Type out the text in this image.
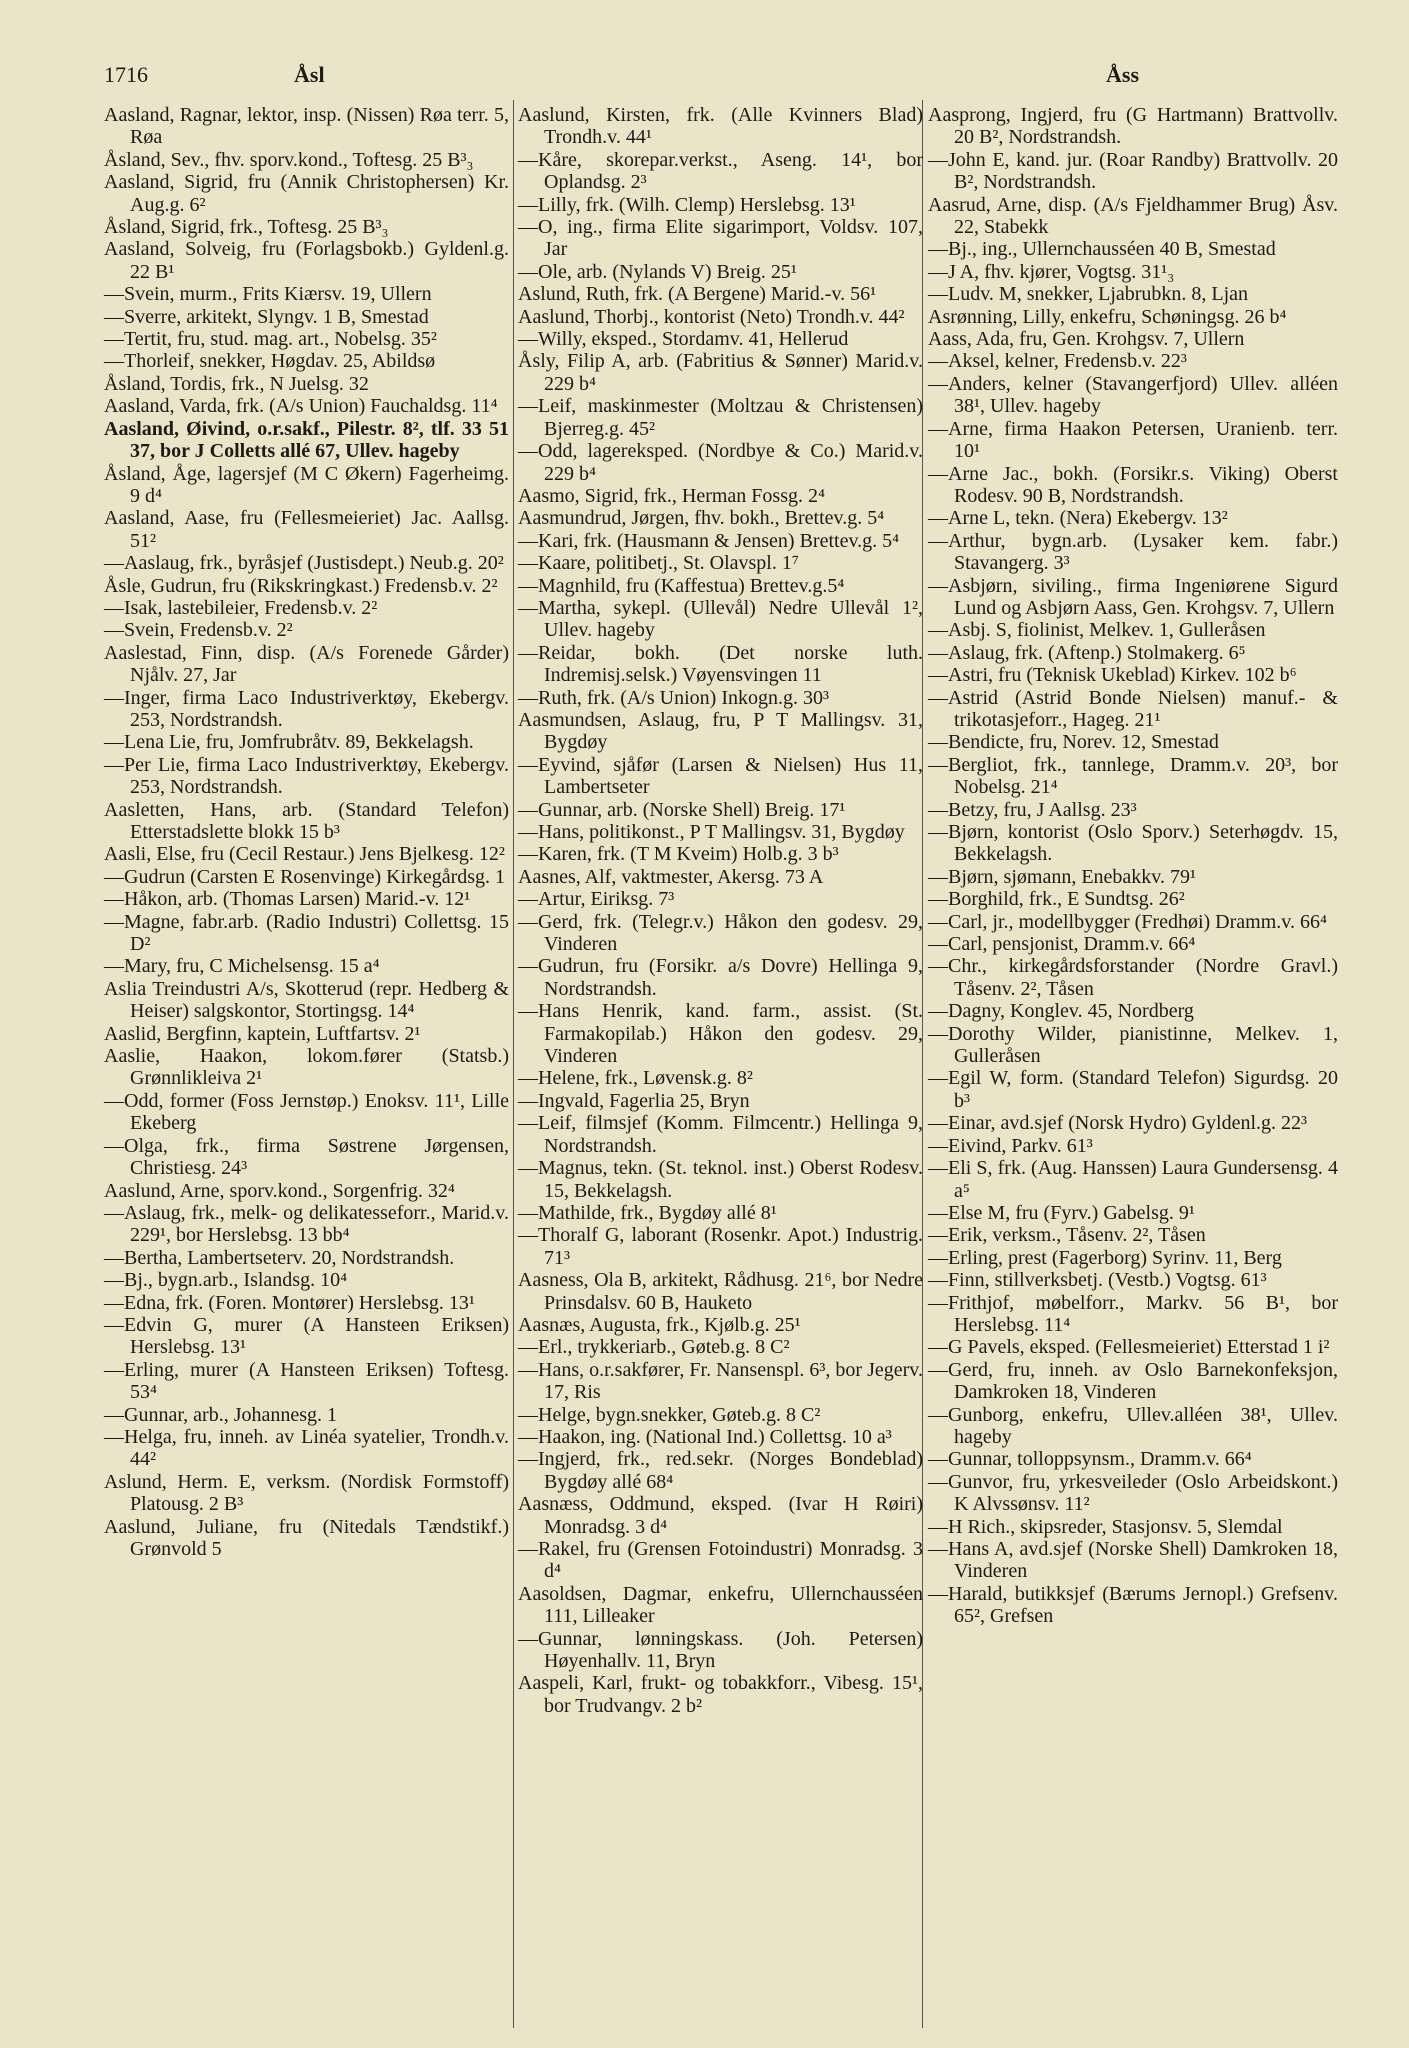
1716	Åsl	Åss

Aasland, Ragnar, lektor, insp. (Nissen) Røa terr. 5, Røa

Åsland, Sev., fhv. sporv.kond., Toftesg. 25 B³₃

Aasland, Sigrid, fru (Annik Christophersen) Kr. Aug.g. 6²

Åsland, Sigrid, frk., Toftesg. 25 B³₃

Aasland, Solveig, fru (Forlagsbokb.) Gyldenl.g. 22 B¹

—Svein, murm., Frits Kiærsv. 19, Ullern

—Sverre, arkitekt, Slyngv. 1 B, Smestad

—Tertit, fru, stud. mag. art., Nobelsg. 35²

—Thorleif, snekker, Høgdav. 25, Abildsø

Åsland, Tordis, frk., N Juelsg. 32

Aasland, Varda, frk. (A/s Union) Fauchaldsg. 11⁴

Aasland, Øivind, o.r.sakf., Pilestr. 8², tlf. 33 51 37, bor J Colletts allé 67, Ullev. hageby

Åsland, Åge, lagersjef (M C Økern) Fagerheimg. 9 d⁴

Aasland, Aase, fru (Fellesmeieriet) Jac. Aallsg. 51²

—Aaslaug, frk., byråsjef (Justisdept.) Neub.g. 20²

Åsle, Gudrun, fru (Rikskringkast.) Fredensb.v. 2²

—Isak, lastebileier, Fredensb.v. 2²

—Svein, Fredensb.v. 2²

Aaslestad, Finn, disp. (A/s Forenede Gårder) Njålv. 27, Jar

—Inger, firma Laco Industriverktøy, Ekebergv. 253, Nordstrandsh.

—Lena Lie, fru, Jomfrubråtv. 89, Bekkelagsh.

—Per Lie, firma Laco Industriverktøy, Ekebergv. 253, Nordstrandsh.

Aasletten, Hans, arb. (Standard Telefon) Etterstadslette blokk 15 b³

Aasli, Else, fru (Cecil Restaur.) Jens Bjelkesg. 12²

—Gudrun (Carsten E Rosenvinge) Kirkegårdsg. 1

—Håkon, arb. (Thomas Larsen) Marid.-v. 12¹

—Magne, fabr.arb. (Radio Industri) Collettsg. 15 D²

—Mary, fru, C Michelsensg. 15 a⁴

Aslia Treindustri A/s, Skotterud (repr. Hedberg & Heiser) salgskontor, Stortingsg. 14⁴

Aaslid, Bergfinn, kaptein, Luftfartsv. 2¹

Aaslie, Haakon, lokom.fører (Statsb.) Grønnlikleiva 2¹

—Odd, former (Foss Jernstøp.) Enoksv. 11¹, Lille Ekeberg

—Olga, frk., firma Søstrene Jørgensen, Christiesg. 24³

Aaslund, Arne, sporv.kond., Sorgenfrig. 32⁴

—Aslaug, frk., melk- og delikatesseforr., Marid.v. 229¹, bor Herslebsg. 13 bb⁴

—Bertha, Lambertseterv. 20, Nordstrandsh.

—Bj., bygn.arb., Islandsg. 10⁴

—Edna, frk. (Foren. Montører) Herslebsg. 13¹

—Edvin G, murer (A Hansteen Eriksen) Herslebsg. 13¹

—Erling, murer (A Hansteen Eriksen) Toftesg. 53⁴

—Gunnar, arb., Johannesg. 1

—Helga, fru, inneh. av Linéa syatelier, Trondh.v. 44²

Aslund, Herm. E, verksm. (Nordisk Formstoff) Platousg. 2 B³

Aaslund, Juliane, fru (Nitedals Tændstikf.) Grønvold 5

Aaslund, Kirsten, frk. (Alle Kvinners Blad) Trondh.v. 44¹

—Kåre, skorepar.verkst., Aseng. 14¹, bor Oplandsg. 2³

—Lilly, frk. (Wilh. Clemp) Herslebsg. 13¹

—O, ing., firma Elite sigarimport, Voldsv. 107, Jar

—Ole, arb. (Nylands V) Breig. 25¹

Aslund, Ruth, frk. (A Bergene) Marid.-v. 56¹

Aaslund, Thorbj., kontorist (Neto) Trondh.v. 44²

—Willy, eksped., Stordamv. 41, Hellerud

Åsly, Filip A, arb. (Fabritius & Sønner) Marid.v. 229 b⁴

—Leif, maskinmester (Moltzau & Christensen) Bjerreg.g. 45²

—Odd, lagereksped. (Nordbye & Co.) Marid.v. 229 b⁴

Aasmo, Sigrid, frk., Herman Fossg. 2⁴

Aasmundrud, Jørgen, fhv. bokh., Brettev.g. 5⁴

—Kari, frk. (Hausmann & Jensen) Brettev.g. 5⁴

—Kaare, politibetj., St. Olavspl. 1⁷

—Magnhild, fru (Kaffestua) Brettev.g.5⁴

—Martha, sykepl. (Ullevål) Nedre Ullevål 1², Ullev. hageby

—Reidar, bokh. (Det norske luth. Indremisj.selsk.) Vøyensvingen 11

—Ruth, frk. (A/s Union) Inkogn.g. 30³

Aasmundsen, Aslaug, fru, P T Mallingsv. 31, Bygdøy

—Eyvind, sjåfør (Larsen & Nielsen) Hus 11, Lambertseter

—Gunnar, arb. (Norske Shell) Breig. 17¹

—Hans, politikonst., P T Mallingsv. 31, Bygdøy

—Karen, frk. (T M Kveim) Holb.g. 3 b³

Aasnes, Alf, vaktmester, Akersg. 73 A

—Artur, Eiriksg. 7³

—Gerd, frk. (Telegr.v.) Håkon den godesv. 29, Vinderen

—Gudrun, fru (Forsikr. a/s Dovre) Hellinga 9, Nordstrandsh.

—Hans Henrik, kand. farm., assist. (St. Farmakopilab.) Håkon den godesv. 29, Vinderen

—Helene, frk., Løvensk.g. 8²

—Ingvald, Fagerlia 25, Bryn

—Leif, filmsjef (Komm. Filmcentr.) Hellinga 9, Nordstrandsh.

—Magnus, tekn. (St. teknol. inst.) Oberst Rodesv. 15, Bekkelagsh.

—Mathilde, frk., Bygdøy allé 8¹

—Thoralf G, laborant (Rosenkr. Apot.) Industrig. 71³

Aasness, Ola B, arkitekt, Rådhusg. 21⁶, bor Nedre Prinsdalsv. 60 B, Hauketo

Aasnæs, Augusta, frk., Kjølb.g. 25¹

—Erl., trykkeriarb., Gøteb.g. 8 C²

—Hans, o.r.sakfører, Fr. Nansenspl. 6³, bor Jegerv. 17, Ris

—Helge, bygn.snekker, Gøteb.g. 8 C²

—Haakon, ing. (National Ind.) Collettsg. 10 a³

—Ingjerd, frk., red.sekr. (Norges Bondeblad) Bygdøy allé 68⁴

Aasnæss, Oddmund, eksped. (Ivar H Røiri) Monradsg. 3 d⁴

—Rakel, fru (Grensen Fotoindustri) Monradsg. 3 d⁴

Aasoldsen, Dagmar, enkefru, Ullernchausséen 111, Lilleaker

—Gunnar, lønningskass. (Joh. Petersen) Høyenhallv. 11, Bryn

Aaspeli, Karl, frukt- og tobakkforr., Vibesg. 15¹, bor Trudvangv. 2 b²

Aasprong, Ingjerd, fru (G Hartmann) Brattvollv. 20 B², Nordstrandsh.

—John E, kand. jur. (Roar Randby) Brattvollv. 20 B², Nordstrandsh.

Aasrud, Arne, disp. (A/s Fjeldhammer Brug) Åsv. 22, Stabekk

—Bj., ing., Ullernchausséen 40 B, Smestad

—J A, fhv. kjører, Vogtsg. 31¹₃

—Ludv. M, snekker, Ljabrubkn. 8, Ljan

Asrønning, Lilly, enkefru, Schøningsg. 26 b⁴

Aass, Ada, fru, Gen. Krohgsv. 7, Ullern

—Aksel, kelner, Fredensb.v. 22³

—Anders, kelner (Stavangerfjord) Ullev. alléen 38¹, Ullev. hageby

—Arne, firma Haakon Petersen, Uranienb. terr. 10¹

—Arne Jac., bokh. (Forsikr.s. Viking) Oberst Rodesv. 90 B, Nordstrandsh.

—Arne L, tekn. (Nera) Ekebergv. 13²

—Arthur, bygn.arb. (Lysaker kem. fabr.) Stavangerg. 3³

—Asbjørn, siviling., firma Ingeniørene Sigurd Lund og Asbjørn Aass, Gen. Krohgsv. 7, Ullern

—Asbj. S, fiolinist, Melkev. 1, Gulleråsen

—Aslaug, frk. (Aftenp.) Stolmakerg. 6⁵

—Astri, fru (Teknisk Ukeblad) Kirkev. 102 b⁶

—Astrid (Astrid Bonde Nielsen) manuf.- & trikotasjeforr., Hageg. 21¹

—Bendicte, fru, Norev. 12, Smestad

—Bergliot, frk., tannlege, Dramm.v. 20³, bor Nobelsg. 21⁴

—Betzy, fru, J Aallsg. 23³

—Bjørn, kontorist (Oslo Sporv.) Seterhøgdv. 15, Bekkelagsh.

—Bjørn, sjømann, Enebakkv. 79¹

—Borghild, frk., E Sundtsg. 26²

—Carl, jr., modellbygger (Fredhøi) Dramm.v. 66⁴

—Carl, pensjonist, Dramm.v. 66⁴

—Chr., kirkegårdsforstander (Nordre Gravl.) Tåsenv. 2², Tåsen

—Dagny, Konglev. 45, Nordberg

—Dorothy Wilder, pianistinne, Melkev. 1, Gulleråsen

—Egil W, form. (Standard Telefon) Sigurdsg. 20 b³

—Einar, avd.sjef (Norsk Hydro) Gyldenl.g. 22³

—Eivind, Parkv. 61³

—Eli S, frk. (Aug. Hanssen) Laura Gundersensg. 4 a⁵

—Else M, fru (Fyrv.) Gabelsg. 9¹

—Erik, verksm., Tåsenv. 2², Tåsen

—Erling, prest (Fagerborg) Syrinv. 11, Berg

—Finn, stillverksbetj. (Vestb.) Vogtsg. 61³

—Frithjof, møbelforr., Markv. 56 B¹, bor Herslebsg. 11⁴

—G Pavels, eksped. (Fellesmeieriet) Etterstad 1 i²

—Gerd, fru, inneh. av Oslo Barnekonfeksjon, Damkroken 18, Vinderen

—Gunborg, enkefru, Ullev.alléen 38¹, Ullev. hageby

—Gunnar, tolloppsynsm., Dramm.v. 66⁴

—Gunvor, fru, yrkesveileder (Oslo Arbeidskont.) K Alvssønsv. 11²

—H Rich., skipsreder, Stasjonsv. 5, Slemdal

—Hans A, avd.sjef (Norske Shell) Damkroken 18, Vinderen

—Harald, butikksjef (Bærums Jernopl.) Grefsenv. 65², Grefsen
